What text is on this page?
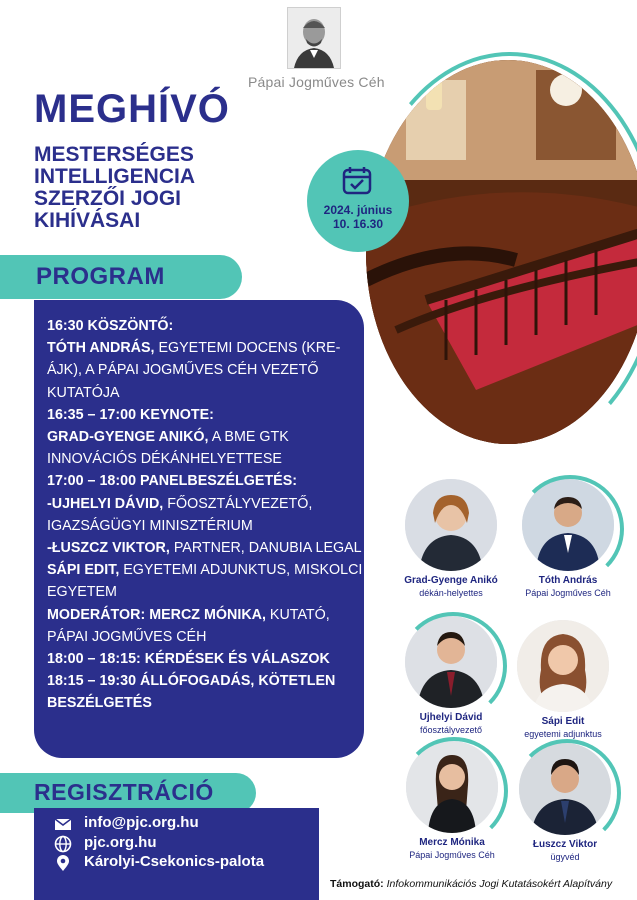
Pápai Jogműves Céh
MEGHÍVÓ
MESTERSÉGES INTELLIGENCIA SZERZŐI JOGI KIHÍVÁSAI	2024. június
10. 16.30
PROGRAM
16:30 KÖSZÖNTŐ:
TÓTH ANDRÁS, EGYETEMI DOCENS (KRE-ÁJK), A PÁPAI JOGMŰVES CÉH VEZETŐ KUTATÓJA
16:35 – 17:00 KEYNOTE:
GRAD-GYENGE ANIKÓ, A BME GTK INNOVÁCIÓS DÉKÁNHELYETTESE
17:00 – 18:00 PANELBESZÉLGETÉS:
-UJHELYI DÁVID, FŐOSZTÁLYVEZETŐ, IGAZSÁGÜGYI MINISZTÉRIUM
-ŁUSZCZ VIKTOR, PARTNER, DANUBIA LEGAL
SÁPI EDIT, EGYETEMI ADJUNKTUS, MISKOLCI EGYETEM
MODERÁTOR: MERCZ MÓNIKA, KUTATÓ, PÁPAI JOGMŰVES CÉH
18:00 – 18:15: KÉRDÉSEK ÉS VÁLASZOK
18:15 – 19:30 ÁLLÓFOGADÁS, KÖTETLEN BESZÉLGETÉS
REGISZTRÁCIÓ
info@pjc.org.hu
pjc.org.hu
Károlyi-Csekonics-palota
Grad-Gyenge Anikó
dékán-helyettes
Tóth András
Pápai Jogműves Céh
Ujhelyi Dávid
főosztályvezető
Sápi Edit
egyetemi adjunktus
Mercz Mónika
Pápai Jogműves Céh
Łuszcz Viktor
ügyvéd
Támogató: Infokommunikációs Jogi Kutatásokért Alapítvány
